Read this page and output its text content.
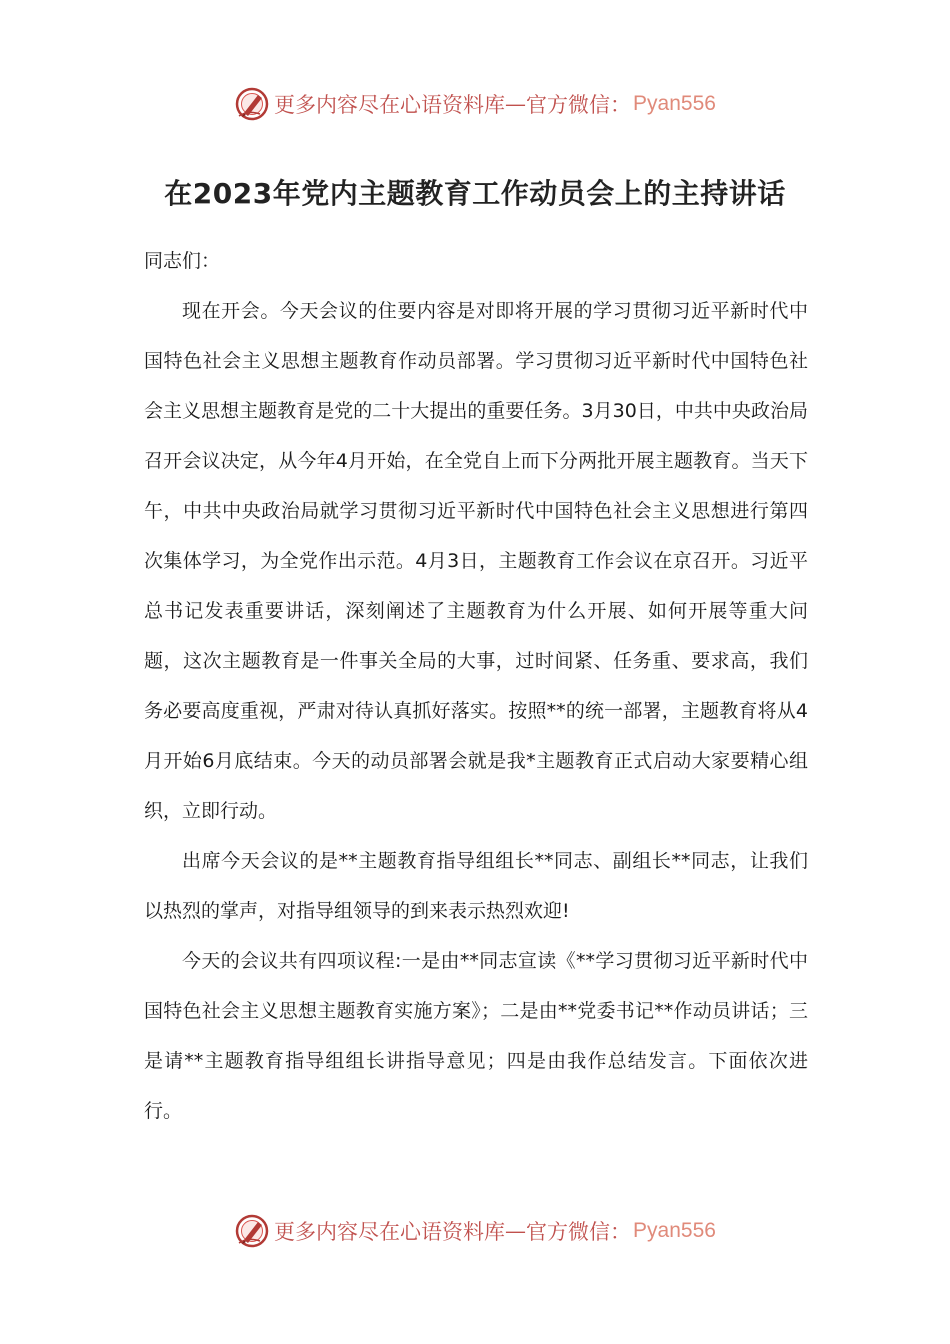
更多内容尽在心语资料库 — 官方微信： Pyan556
在2023年党内主题教育工作动员会上的主持讲话

同志们：

现在开会。今天会议的住要内容是对即将开展的学习贯彻习近平新时代中国特色社会主义思想主题教育作动员部署。学习贯彻习近平新时代中国特色社会主义思想主题教育是党的二十大提出的重要任务。3月30日，中共中央政治局召开会议决定，从今年4月开始，在全党自上而下分两批开展主题教育。当天下午，中共中央政治局就学习贯彻习近平新时代中国特色社会主义思想进行第四次集体学习，为全党作出示范。4月3日，主题教育工作会议在京召开。习近平总书记发表重要讲话，深刻阐述了主题教育为什么开展、如何开展等重大问题，这次主题教育是一件事关全局的大事，过时间紧、任务重、要求高，我们务必要高度重视，严肃对待认真抓好落实。按照**的统一部署，主题教育将从4月开始6月底结束。今天的动员部署会就是我*主题教育正式启动大家要精心组织，立即行动。

出席今天会议的是**主题教育指导组组长**同志、副组长**同志，让我们以热烈的掌声，对指导组领导的到来表示热烈欢迎!

今天的会议共有四项议程:一是由**同志宣读《**学习贯彻习近平新时代中国特色社会主义思想主题教育实施方案》；二是由**党委书记**作动员讲话；三是请**主题教育指导组组长讲指导意见；四是由我作总结发言。下面依次进行。

更多内容尽在心语资料库 — 官方微信： Pyan556
